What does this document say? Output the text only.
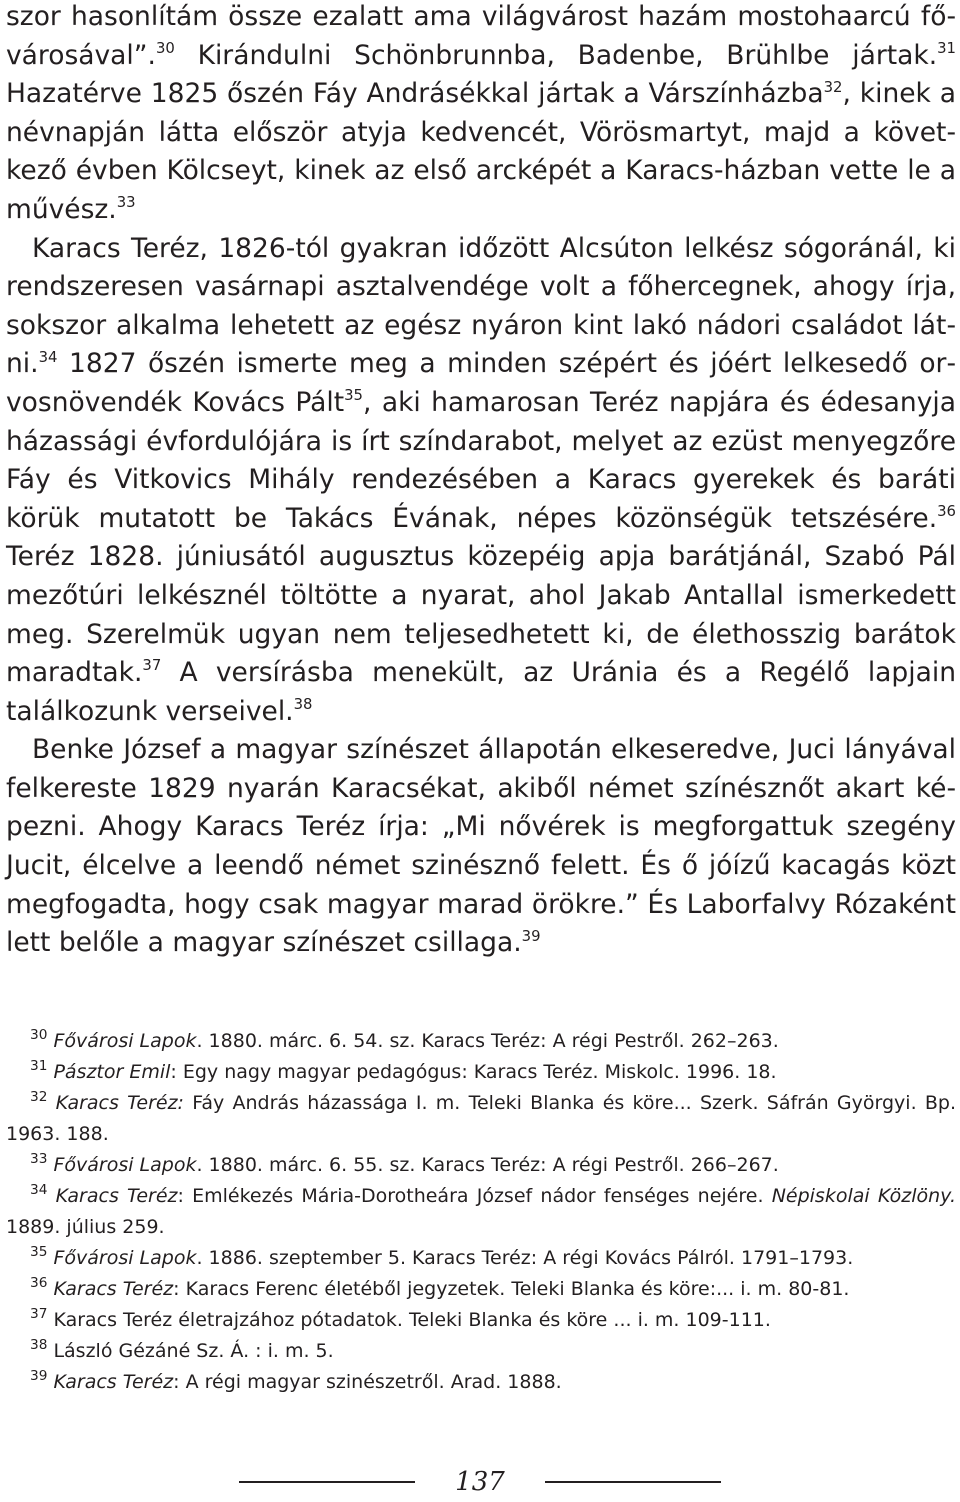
szor hasonlítám össze ezalatt ama világvárost hazám mostohaarcú fővárosával”.$^{30}$ Kirándulni Schönbrunnba, Badenbe, Brühlbe jártak.$^{31}$ Hazatérve 1825 őszén Fáy Andrásékkal jártak a Várszínházba$^{32}$, kinek a névnapján látta először atyja kedvencét, Vörösmartyt, majd a következő évben Kölcseyt, kinek az első arcképét a Karacs-házban vette le a művész.$^{33}$

Karacs Teréz, 1826-tól gyakran időzött Alcsúton lelkész sógoránál, ki rendszeresen vasárnapi asztalvendége volt a főhercegnek, ahogy írja, sokszor alkalma lehetett az egész nyáron kint lakó nádori családot látni.$^{34}$ 1827 őszén ismerte meg a minden szépért és jóért lelkesedő orvosnövendék Kovács Pált$^{35}$, aki hamarosan Teréz napjára és édesanyja házassági évfordulójára is írt színdarabot, melyet az ezüst menyegzőre Fáy és Vitkovics Mihály rendezésében a Karacs gyerekek és baráti körük mutatott be Takács Évának, népes közönségük tetszésére.$^{36}$ Teréz 1828. júniusától augusztus közepéig apja barátjánál, Szabó Pál mezőtúri lelkésznél töltötte a nyarat, ahol Jakab Antallal ismerkedett meg. Szerelmük ugyan nem teljesedhetett ki, de élethosszig barátok maradtak.$^{37}$ A versírásba menekült, az Uránia és a Regélő lapjain találkozunk verseivel.$^{38}$

Benke József a magyar színészet állapotán elkeseredve, Juci lányával felkereste 1829 nyarán Karacsékat, akiből német színésznőt akart képezni. Ahogy Karacs Teréz írja: „Mi nővérek is megforgattuk szegény Jucit, élcelve a leendő német szinésznő felett. És ő jóízű kacagás közt megfogadta, hogy csak magyar marad örökre.” És Laborfalvy Rózaként lett belőle a magyar színészet csillaga.$^{39}$

$^{30}$ Fővárosi Lapok. 1880. márc. 6. 54. sz. Karacs Teréz: A régi Pestről. 262–263.

$^{31}$ Pásztor Emil: Egy nagy magyar pedagógus: Karacs Teréz. Miskolc. 1996. 18.

$^{32}$ Karacs Teréz: Fáy András házassága I. m. Teleki Blanka és köre... Szerk. Sáfrán Györgyi. Bp. 1963. 188.

$^{33}$ Fővárosi Lapok. 1880. márc. 6. 55. sz. Karacs Teréz: A régi Pestről. 266–267.

$^{34}$ Karacs Teréz: Emlékezés Mária-Dorotheára József nádor fenséges nejére. Népiskolai Közlöny. 1889. július 259.

$^{35}$ Fővárosi Lapok. 1886. szeptember 5. Karacs Teréz: A régi Kovács Pálról. 1791–1793.

$^{36}$ Karacs Teréz: Karacs Ferenc életéből jegyzetek. Teleki Blanka és köre:... i. m. 80-81.

$^{37}$ Karacs Teréz életrajzához pótadatok. Teleki Blanka és köre ... i. m. 109-111.

$^{38}$ László Gézáné Sz. Á. : i. m. 5.

$^{39}$ Karacs Teréz: A régi magyar szinészetről. Arad. 1888.

137
